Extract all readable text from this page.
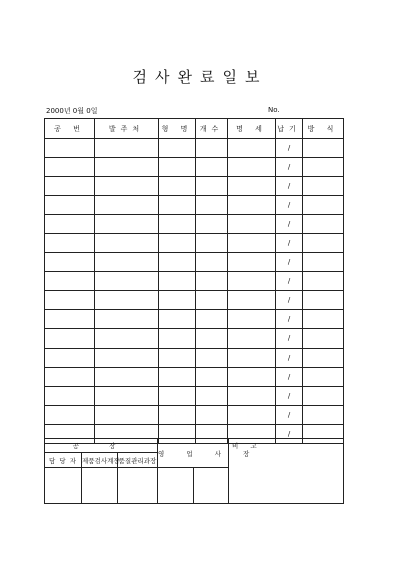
검사완료일보
2000년 0월 0일	No.
공 번	발주처	형 명	개수	명 세	납기	방 식
					/	
					/	
					/	
					/	
					/	
					/	
					/	
					/	
					/	
					/	
					/	
					/	
					/	
					/	
					/	
					/	
공 장			영 업 사 장		비 고
담 당 자	제품검사계장	품질관리과장			
